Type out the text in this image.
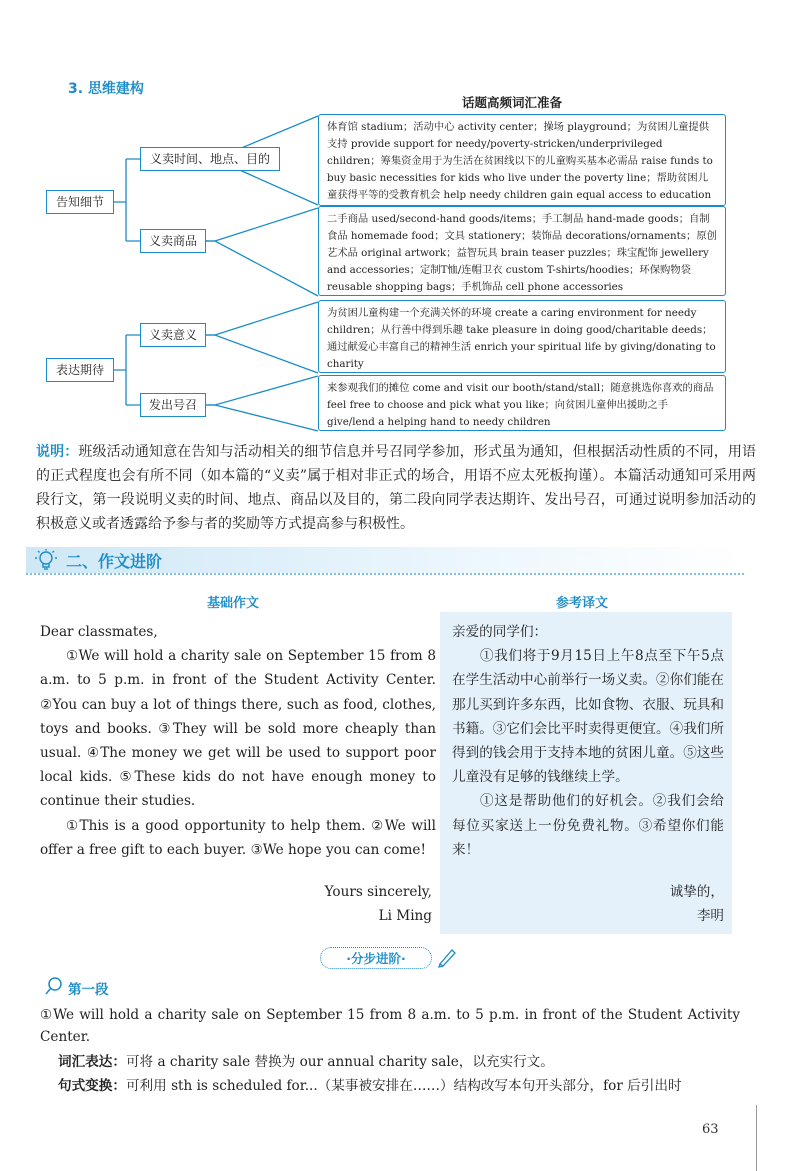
3. 思维建构
话题高频词汇准备
告知细节
表达期待
义卖时间、地点、目的
义卖商品
义卖意义
发出号召
体育馆 stadium；活动中心 activity center；操场 playground；为贫困儿童提供支持 provide support for needy/poverty-stricken/underprivileged children；筹集资金用于为生活在贫困线以下的儿童购买基本必需品 raise funds to buy basic necessities for kids who live under the poverty line；帮助贫困儿童获得平等的受教育机会 help needy children gain equal access to education
二手商品 used/second-hand goods/items；手工制品 hand-made goods；自制食品 homemade food；文具 stationery；装饰品 decorations/ornaments；原创艺术品 original artwork；益智玩具 brain teaser puzzles；珠宝配饰 jewellery and accessories；定制T恤/连帽卫衣 custom T-shirts/hoodies；环保购物袋 reusable shopping bags；手机饰品 cell phone accessories
为贫困儿童构建一个充满关怀的环境 create a caring environment for needy children；从行善中得到乐趣 take pleasure in doing good/charitable deeds；通过献爱心丰富自己的精神生活 enrich your spiritual life by giving/donating to charity
来参观我们的摊位 come and visit our booth/stand/stall；随意挑选你喜欢的商品 feel free to choose and pick what you like；向贫困儿童伸出援助之手 give/lend a helping hand to needy children
说明：班级活动通知意在告知与活动相关的细节信息并号召同学参加，形式虽为通知，但根据活动性质的不同，用语的正式程度也会有所不同（如本篇的“义卖”属于相对非正式的场合，用语不应太死板拘谨）。本篇活动通知可采用两段行文，第一段说明义卖的时间、地点、商品以及目的，第二段向同学表达期许、发出号召，可通过说明参加活动的积极意义或者透露给予参与者的奖励等方式提高参与积极性。
二、作文进阶
基础作文	参考译文

Dear classmates,

①We will hold a charity sale on September 15 from 8 a.m. to 5 p.m. in front of the Student Activity Center. ②You can buy a lot of things there, such as food, clothes, toys and books. ③They will be sold more cheaply than usual. ④The money we get will be used to support poor local kids. ⑤These kids do not have enough money to continue their studies.

①This is a good opportunity to help them. ②We will offer a free gift to each buyer. ③We hope you can come!

Yours sincerely,

Li Ming

亲爱的同学们：

①我们将于9月15日上午8点至下午5点在学生活动中心前举行一场义卖。②你们能在那儿买到许多东西，比如食物、衣服、玩具和书籍。③它们会比平时卖得更便宜。④我们所得到的钱会用于支持本地的贫困儿童。⑤这些儿童没有足够的钱继续上学。

①这是帮助他们的好机会。②我们会给每位买家送上一份免费礼物。③希望你们能来！

诚挚的，

李明

·分步进阶·
第一段
①We will hold a charity sale on September 15 from 8 a.m. to 5 p.m. in front of the Student Activity Center.
词汇表达：可将 a charity sale 替换为 our annual charity sale，以充实行文。
句式变换：可利用 sth is scheduled for...（某事被安排在……）结构改写本句开头部分，for 后引出时
63
